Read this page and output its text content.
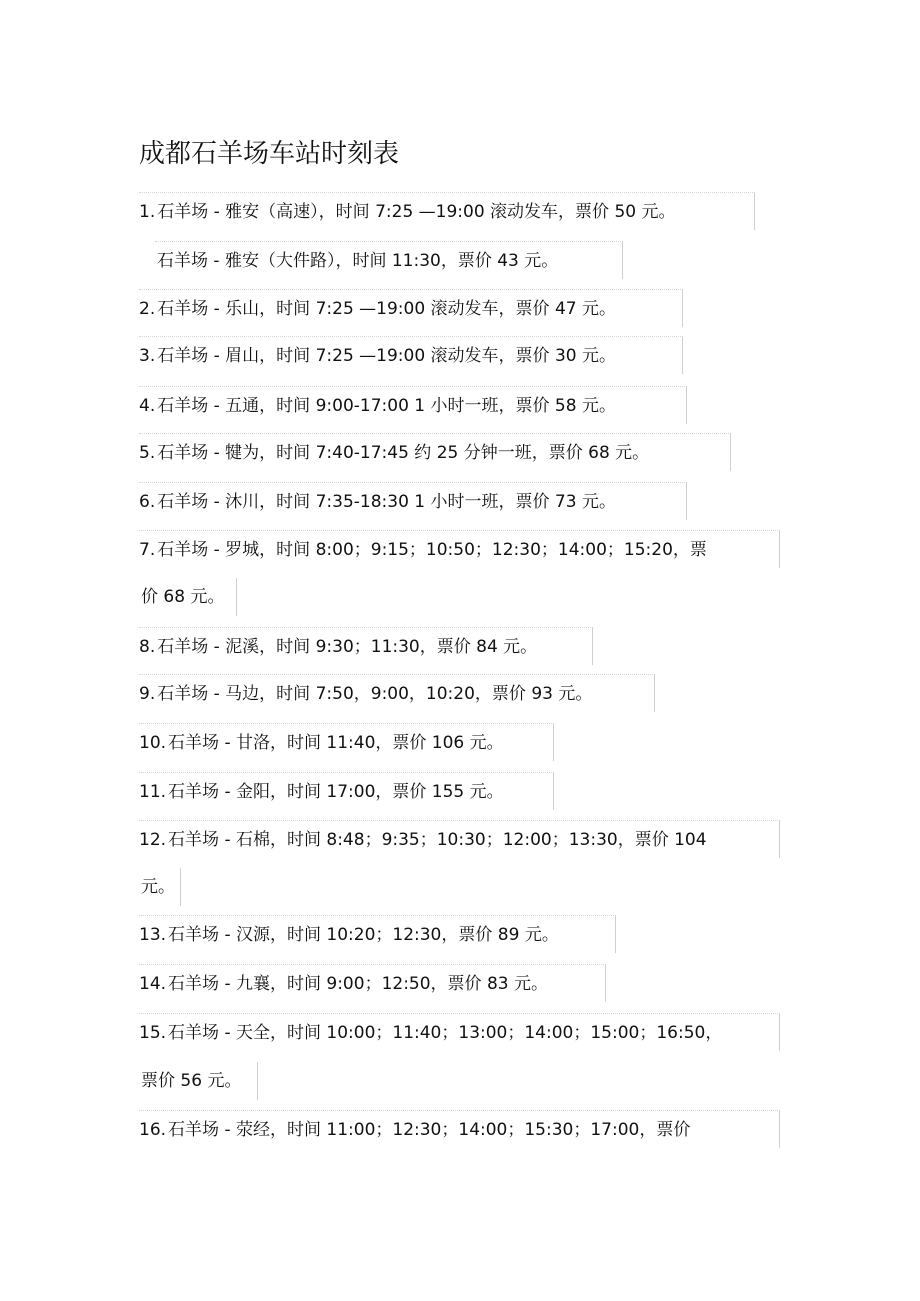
成都石羊场车站时刻表
1. 石羊场 - 雅安（高速），时间 7:25 —19:00 滚动发车，票价 50 元。
石羊场 - 雅安（大件路），时间 11:30，票价 43 元。
2. 石羊场 - 乐山，时间 7:25 —19:00 滚动发车，票价 47 元。
3. 石羊场 - 眉山，时间 7:25 —19:00 滚动发车，票价 30 元。
4. 石羊场 - 五通，时间 9:00-17:00 1 小时一班，票价 58 元。
5. 石羊场 - 犍为，时间 7:40-17:45 约 25 分钟一班，票价 68 元。
6. 石羊场 - 沐川，时间 7:35-18:30 1 小时一班，票价 73 元。
7. 石羊场 - 罗城，时间 8:00；9:15；10:50；12:30；14:00；15:20，票
价 68 元。
8. 石羊场 - 泥溪，时间 9:30；11:30，票价 84 元。
9. 石羊场 - 马边，时间 7:50，9:00，10:20，票价 93 元。
10. 石羊场 - 甘洛，时间 11:40，票价 106 元。
11. 石羊场 - 金阳，时间 17:00，票价 155 元。
12. 石羊场 - 石棉，时间 8:48；9:35；10:30；12:00；13:30，票价 104
元。
13. 石羊场 - 汉源，时间 10:20；12:30，票价 89 元。
14. 石羊场 - 九襄，时间 9:00；12:50，票价 83 元。
15. 石羊场 - 天全，时间 10:00；11:40；13:00；14:00；15:00；16:50，
票价 56 元。
16. 石羊场 - 荥经，时间 11:00；12:30；14:00；15:30；17:00，票价
